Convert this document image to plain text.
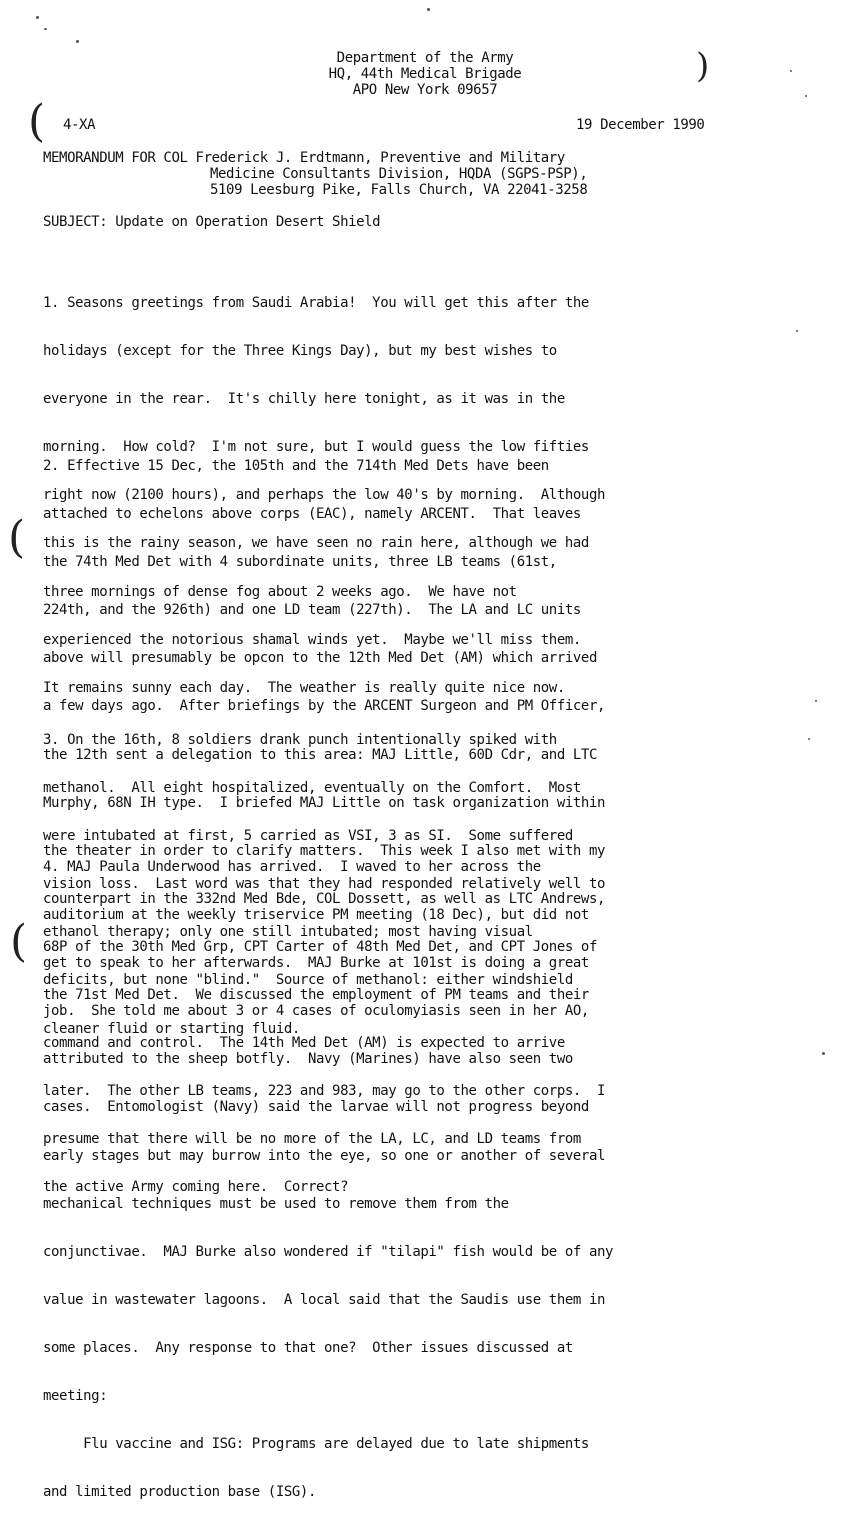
Department of the Army
HQ, 44th Medical Brigade
APO New York 09657
4-XA	19 December 1990
MEMORANDUM FOR COL Frederick J. Erdtmann, Preventive and Military
Medicine Consultants Division, HQDA (SGPS-PSP),
5109 Leesburg Pike, Falls Church, VA 22041-3258
SUBJECT: Update on Operation Desert Shield

1. Seasons greetings from Saudi Arabia!  You will get this after the

holidays (except for the Three Kings Day), but my best wishes to

everyone in the rear.  It's chilly here tonight, as it was in the

morning.  How cold?  I'm not sure, but I would guess the low fifties

right now (2100 hours), and perhaps the low 40's by morning.  Although

this is the rainy season, we have seen no rain here, although we had

three mornings of dense fog about 2 weeks ago.  We have not

experienced the notorious shamal winds yet.  Maybe we'll miss them.

It remains sunny each day.  The weather is really quite nice now.

2. Effective 15 Dec, the 105th and the 714th Med Dets have been

attached to echelons above corps (EAC), namely ARCENT.  That leaves

the 74th Med Det with 4 subordinate units, three LB teams (61st,

224th, and the 926th) and one LD team (227th).  The LA and LC units

above will presumably be opcon to the 12th Med Det (AM) which arrived

a few days ago.  After briefings by the ARCENT Surgeon and PM Officer,

the 12th sent a delegation to this area: MAJ Little, 60D Cdr, and LTC

Murphy, 68N IH type.  I briefed MAJ Little on task organization within

the theater in order to clarify matters.  This week I also met with my

counterpart in the 332nd Med Bde, COL Dossett, as well as LTC Andrews,

68P of the 30th Med Grp, CPT Carter of 48th Med Det, and CPT Jones of

the 71st Med Det.  We discussed the employment of PM teams and their

command and control.  The 14th Med Det (AM) is expected to arrive

later.  The other LB teams, 223 and 983, may go to the other corps.  I

presume that there will be no more of the LA, LC, and LD teams from

the active Army coming here.  Correct?

3. On the 16th, 8 soldiers drank punch intentionally spiked with

methanol.  All eight hospitalized, eventually on the Comfort.  Most

were intubated at first, 5 carried as VSI, 3 as SI.  Some suffered

vision loss.  Last word was that they had responded relatively well to

ethanol therapy; only one still intubated; most having visual

deficits, but none "blind."  Source of methanol: either windshield

cleaner fluid or starting fluid.

4. MAJ Paula Underwood has arrived.  I waved to her across the

auditorium at the weekly triservice PM meeting (18 Dec), but did not

get to speak to her afterwards.  MAJ Burke at 101st is doing a great

job.  She told me about 3 or 4 cases of oculomyiasis seen in her AO,

attributed to the sheep botfly.  Navy (Marines) have also seen two

cases.  Entomologist (Navy) said the larvae will not progress beyond

early stages but may burrow into the eye, so one or another of several

mechanical techniques must be used to remove them from the

conjunctivae.  MAJ Burke also wondered if "tilapi" fish would be of any

value in wastewater lagoons.  A local said that the Saudis use them in

some places.  Any response to that one?  Other issues discussed at

meeting:

Flu vaccine and ISG: Programs are delayed due to late shipments

and limited production base (ISG).

(
)
(
(
